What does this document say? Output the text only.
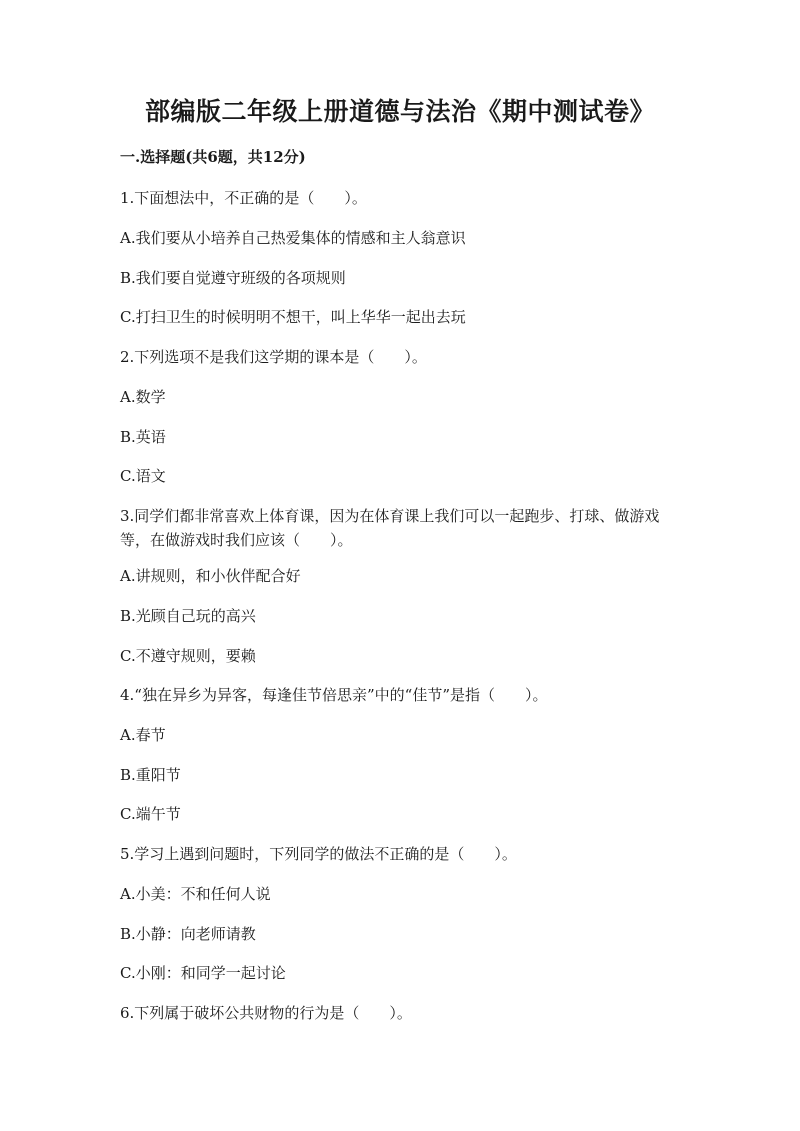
部编版二年级上册道德与法治《期中测试卷》
一.选择题(共6题，共12分)
1.下面想法中，不正确的是（　　）。
A.我们要从小培养自己热爱集体的情感和主人翁意识
B.我们要自觉遵守班级的各项规则
C.打扫卫生的时候明明不想干，叫上华华一起出去玩
2.下列选项不是我们这学期的课本是（　　）。
A.数学
B.英语
C.语文
3.同学们都非常喜欢上体育课，因为在体育课上我们可以一起跑步、打球、做游戏等，在做游戏时我们应该（　　）。
A.讲规则，和小伙伴配合好
B.光顾自己玩的高兴
C.不遵守规则，要赖
4.“独在异乡为异客，每逢佳节倍思亲”中的“佳节”是指（　　）。
A.春节
B.重阳节
C.端午节
5.学习上遇到问题时，下列同学的做法不正确的是（　　）。
A.小美：不和任何人说
B.小静：向老师请教
C.小刚：和同学一起讨论
6.下列属于破坏公共财物的行为是（　　）。
